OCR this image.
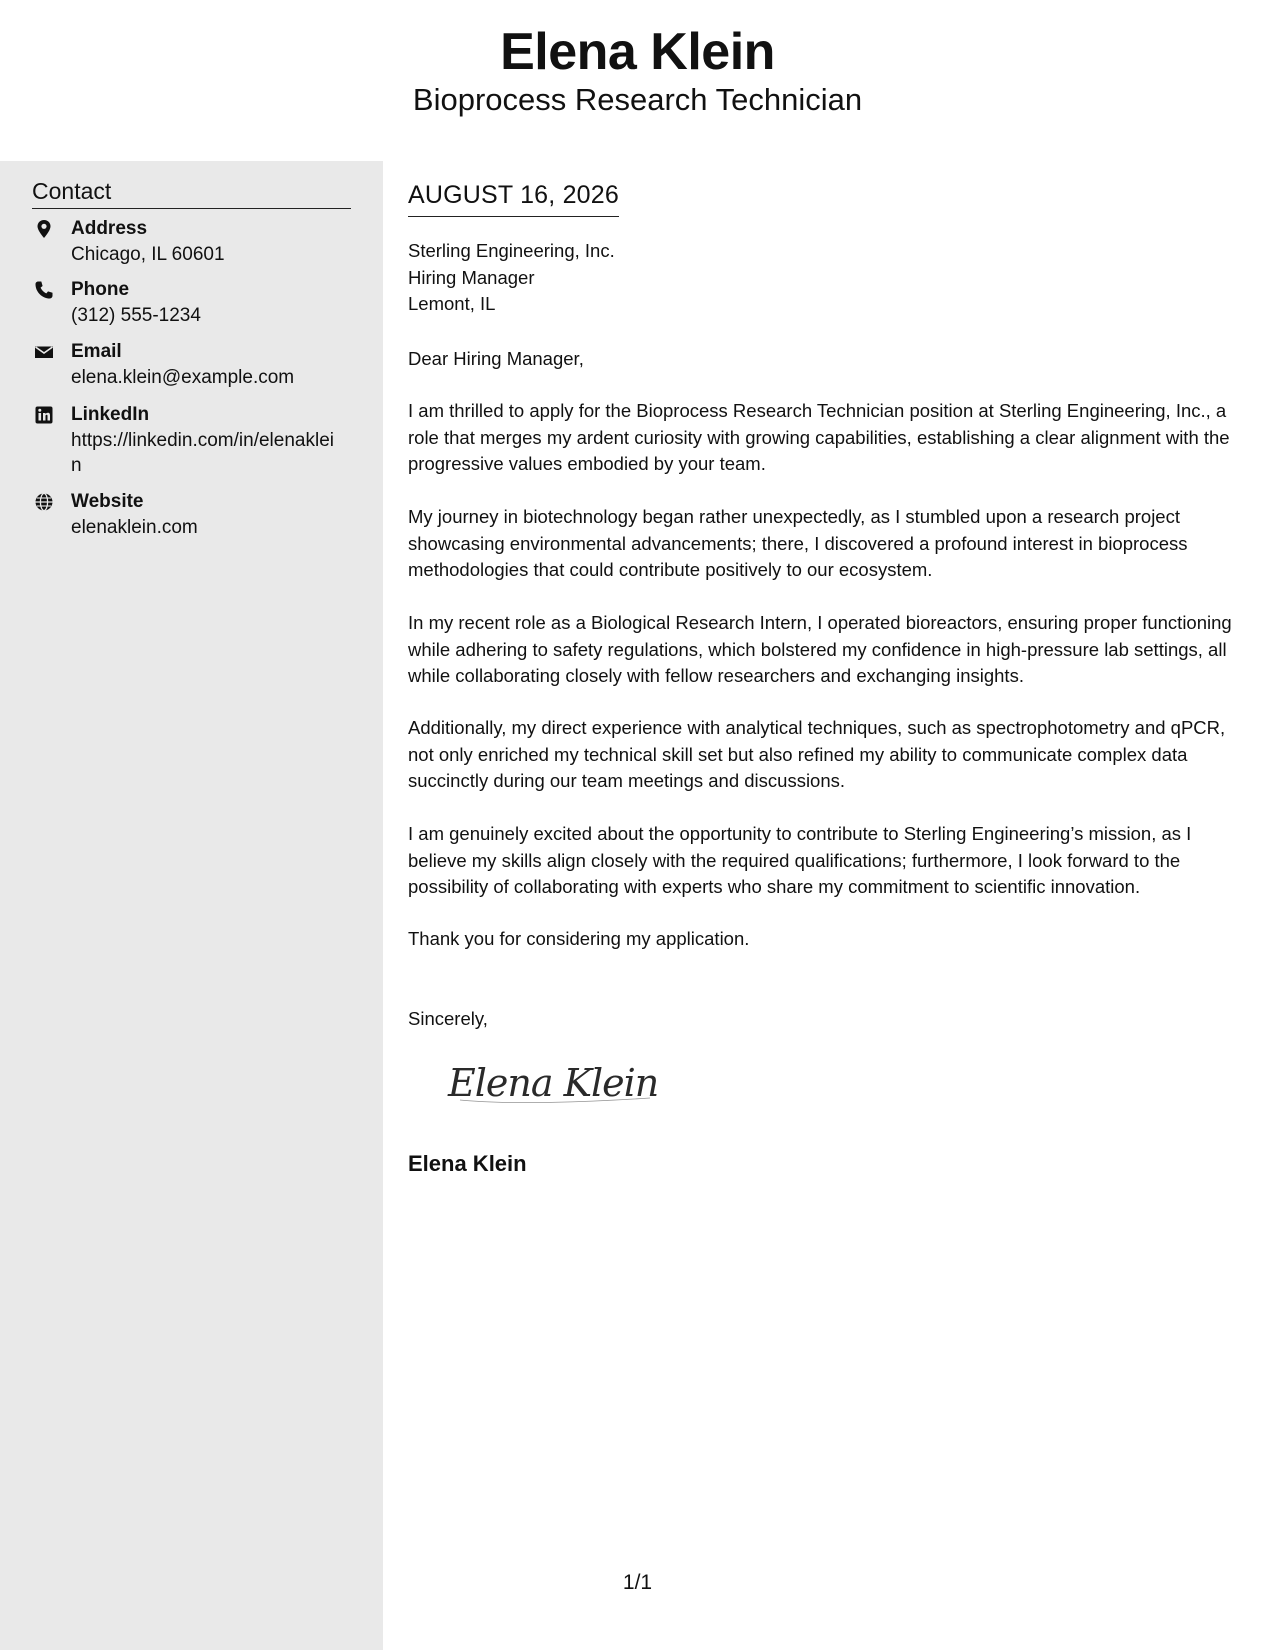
Elena Klein
Bioprocess Research Technician
Contact
Address
Chicago, IL 60601
Phone
(312) 555-1234
Email
elena.klein@example.com
LinkedIn
https://linkedin.com/in/elenaklein
Website
elenaklein.com
AUGUST 16, 2026
Sterling Engineering, Inc.
Hiring Manager
Lemont, IL
Dear Hiring Manager,
I am thrilled to apply for the Bioprocess Research Technician position at Sterling Engineering, Inc., a role that merges my ardent curiosity with growing capabilities, establishing a clear alignment with the progressive values embodied by your team.
My journey in biotechnology began rather unexpectedly, as I stumbled upon a research project showcasing environmental advancements; there, I discovered a profound interest in bioprocess methodologies that could contribute positively to our ecosystem.
In my recent role as a Biological Research Intern, I operated bioreactors, ensuring proper functioning while adhering to safety regulations, which bolstered my confidence in high-pressure lab settings, all while collaborating closely with fellow researchers and exchanging insights.
Additionally, my direct experience with analytical techniques, such as spectrophotometry and qPCR, not only enriched my technical skill set but also refined my ability to communicate complex data succinctly during our team meetings and discussions.
I am genuinely excited about the opportunity to contribute to Sterling Engineering’s mission, as I believe my skills align closely with the required qualifications; furthermore, I look forward to the possibility of collaborating with experts who share my commitment to scientific innovation.
Thank you for considering my application.
Sincerely,
Elena Klein
Elena Klein
1/1
